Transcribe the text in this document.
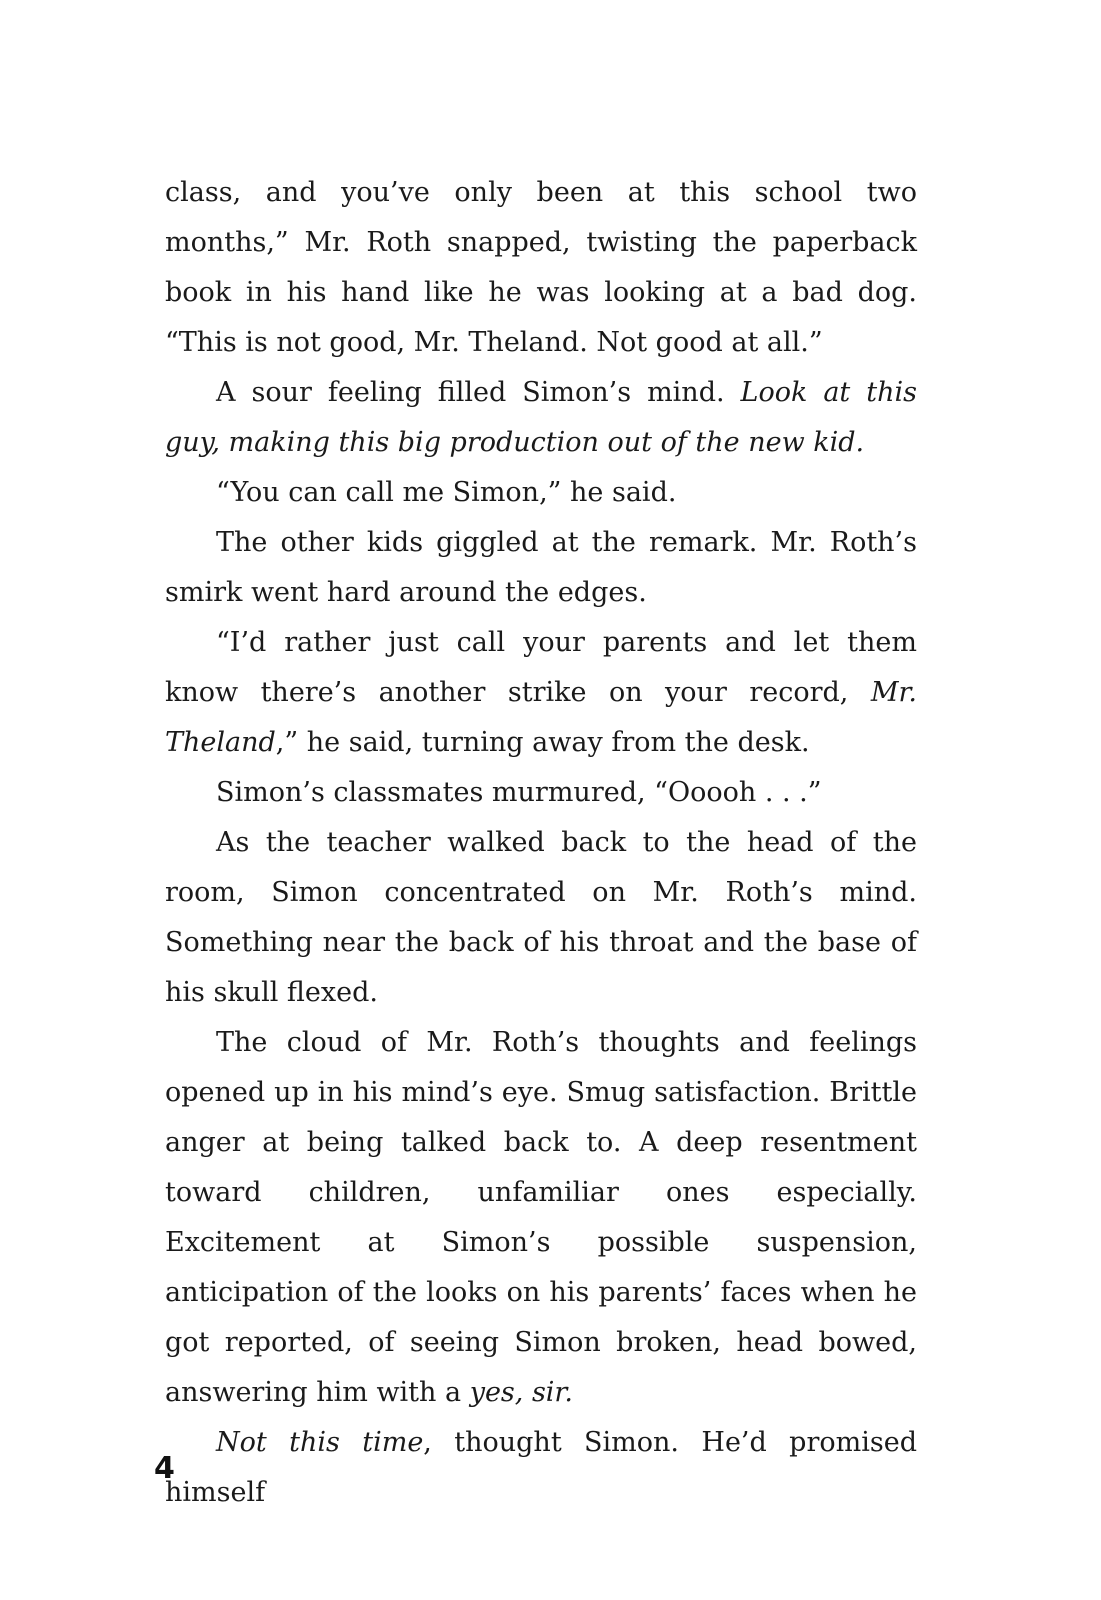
class, and you’ve only been at this school two months,” Mr. Roth snapped, twisting the paperback book in his hand like he was looking at a bad dog. “This is not good, Mr. Theland. Not good at all.”

A sour feeling filled Simon’s mind. Look at this guy, making this big production out of the new kid.

“You can call me Simon,” he said.

The other kids giggled at the remark. Mr. Roth’s smirk went hard around the edges.

“I’d rather just call your parents and let them know there’s another strike on your record, Mr. Theland,” he said, turning away from the desk.

Simon’s classmates murmured, “Ooooh . . .”

As the teacher walked back to the head of the room, Simon concentrated on Mr. Roth’s mind. Something near the back of his throat and the base of his skull flexed.

The cloud of Mr. Roth’s thoughts and feelings opened up in his mind’s eye. Smug satisfaction. Brittle anger at being talked back to. A deep resentment toward children, unfamiliar ones especially. Excitement at Simon’s possible suspension, anticipation of the looks on his parents’ faces when he got reported, of seeing Simon broken, head bowed, answering him with a yes, sir.

Not this time, thought Simon. He’d promised himself

4
